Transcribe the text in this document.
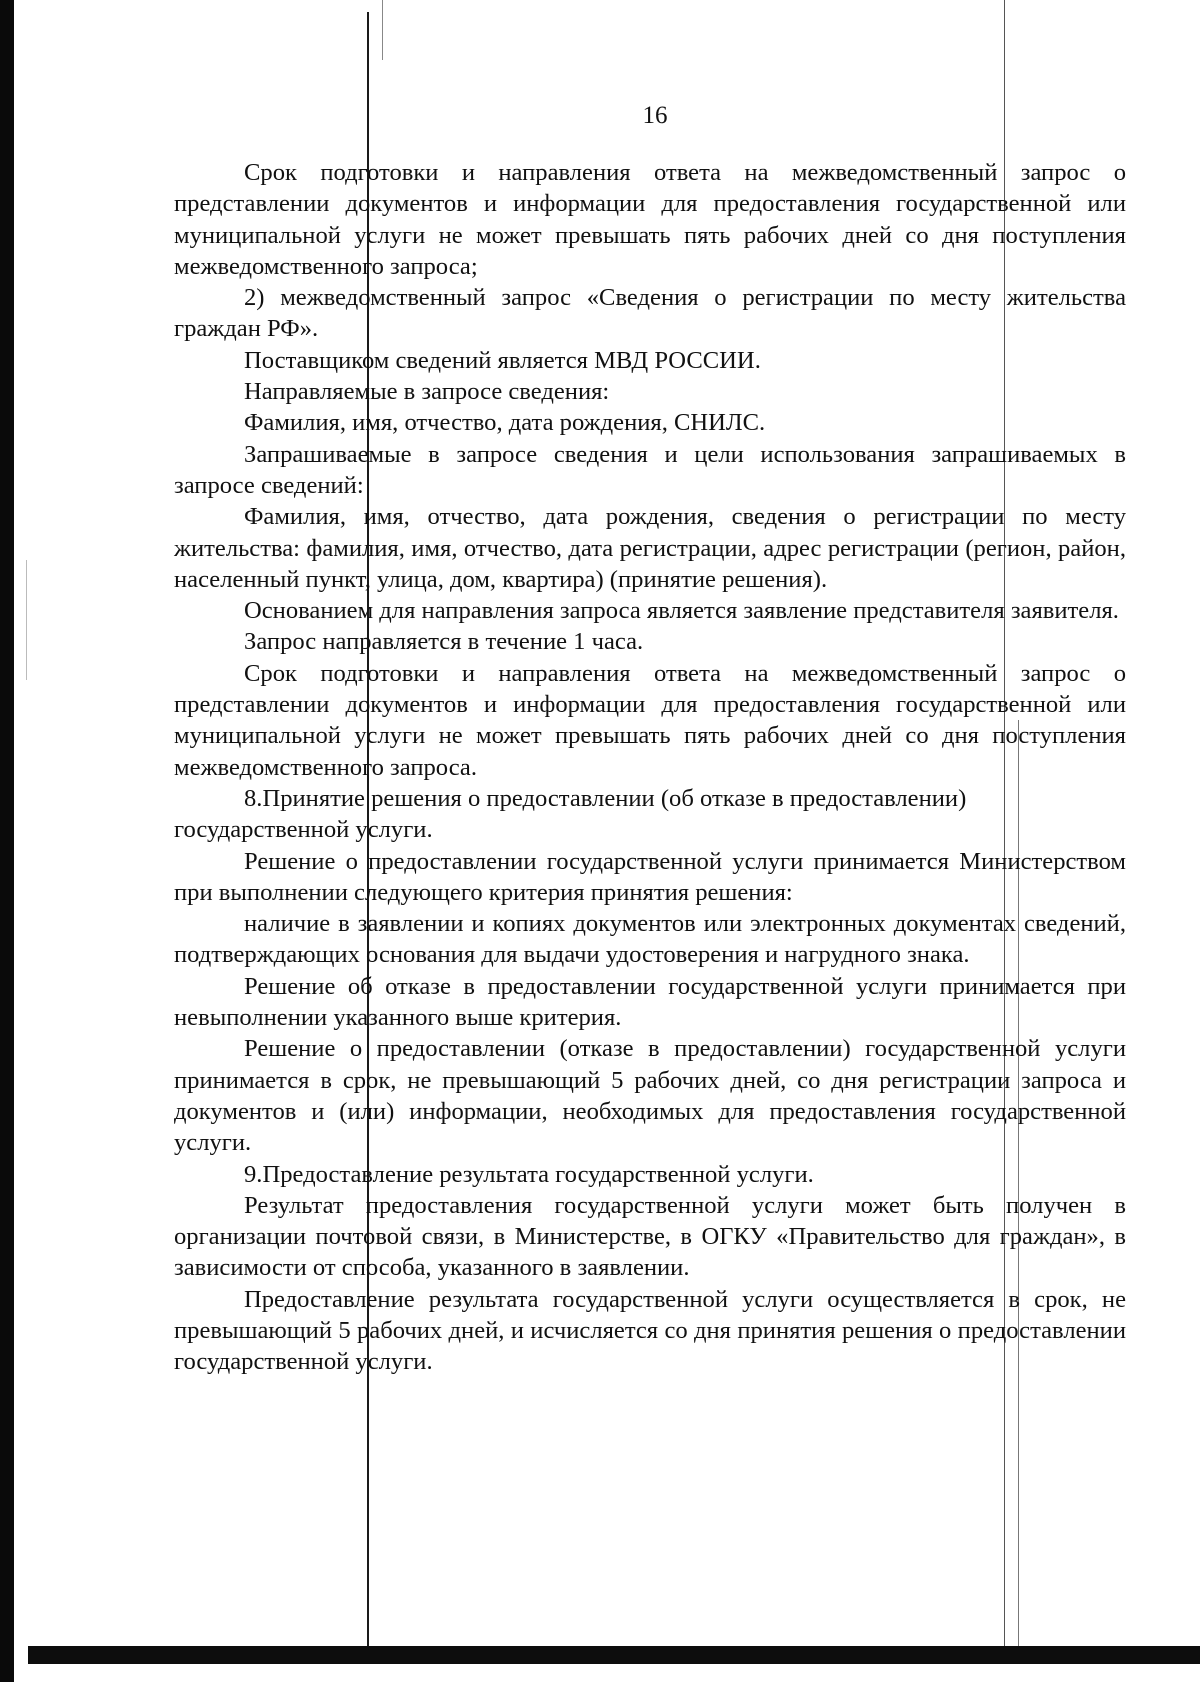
16

Срок подготовки и направления ответа на межведомственный запрос о представлении документов и информации для предоставления государственной или муниципальной услуги не может превышать пять рабочих дней со дня поступления межведомственного запроса;

2) межведомственный запрос «Сведения о регистрации по месту жительства граждан РФ».

Поставщиком сведений является МВД РОССИИ.

Направляемые в запросе сведения:

Фамилия, имя, отчество, дата рождения, СНИЛС.

Запрашиваемые в запросе сведения и цели использования запрашиваемых в запросе сведений:

Фамилия, имя, отчество, дата рождения, сведения о регистрации по месту жительства: фамилия, имя, отчество, дата регистрации, адрес регистрации (регион, район, населенный пункт, улица, дом, квартира) (принятие решения).

Основанием для направления запроса является заявление представителя заявителя.

Запрос направляется в течение 1 часа.

Срок подготовки и направления ответа на межведомственный запрос о представлении документов и информации для предоставления государственной или муниципальной услуги не может превышать пять рабочих дней со дня поступления межведомственного запроса.

8.Принятие решения о предоставлении (об отказе в предоставлении) государственной услуги.

Решение о предоставлении государственной услуги принимается Министерством при выполнении следующего критерия принятия решения:

наличие в заявлении и копиях документов или электронных документах сведений, подтверждающих основания для выдачи удостоверения и нагрудного знака.

Решение об отказе в предоставлении государственной услуги принимается при невыполнении указанного выше критерия.

Решение о предоставлении (отказе в предоставлении) государственной услуги принимается в срок, не превышающий 5 рабочих дней, со дня регистрации запроса и документов и (или) информации, необходимых для предоставления государственной услуги.

9.Предоставление результата государственной услуги.

Результат предоставления государственной услуги может быть получен в организации почтовой связи, в Министерстве, в ОГКУ «Правительство для граждан», в зависимости от способа, указанного в заявлении.

Предоставление результата государственной услуги осуществляется в срок, не превышающий 5 рабочих дней, и исчисляется со дня принятия решения о предоставлении государственной услуги.
